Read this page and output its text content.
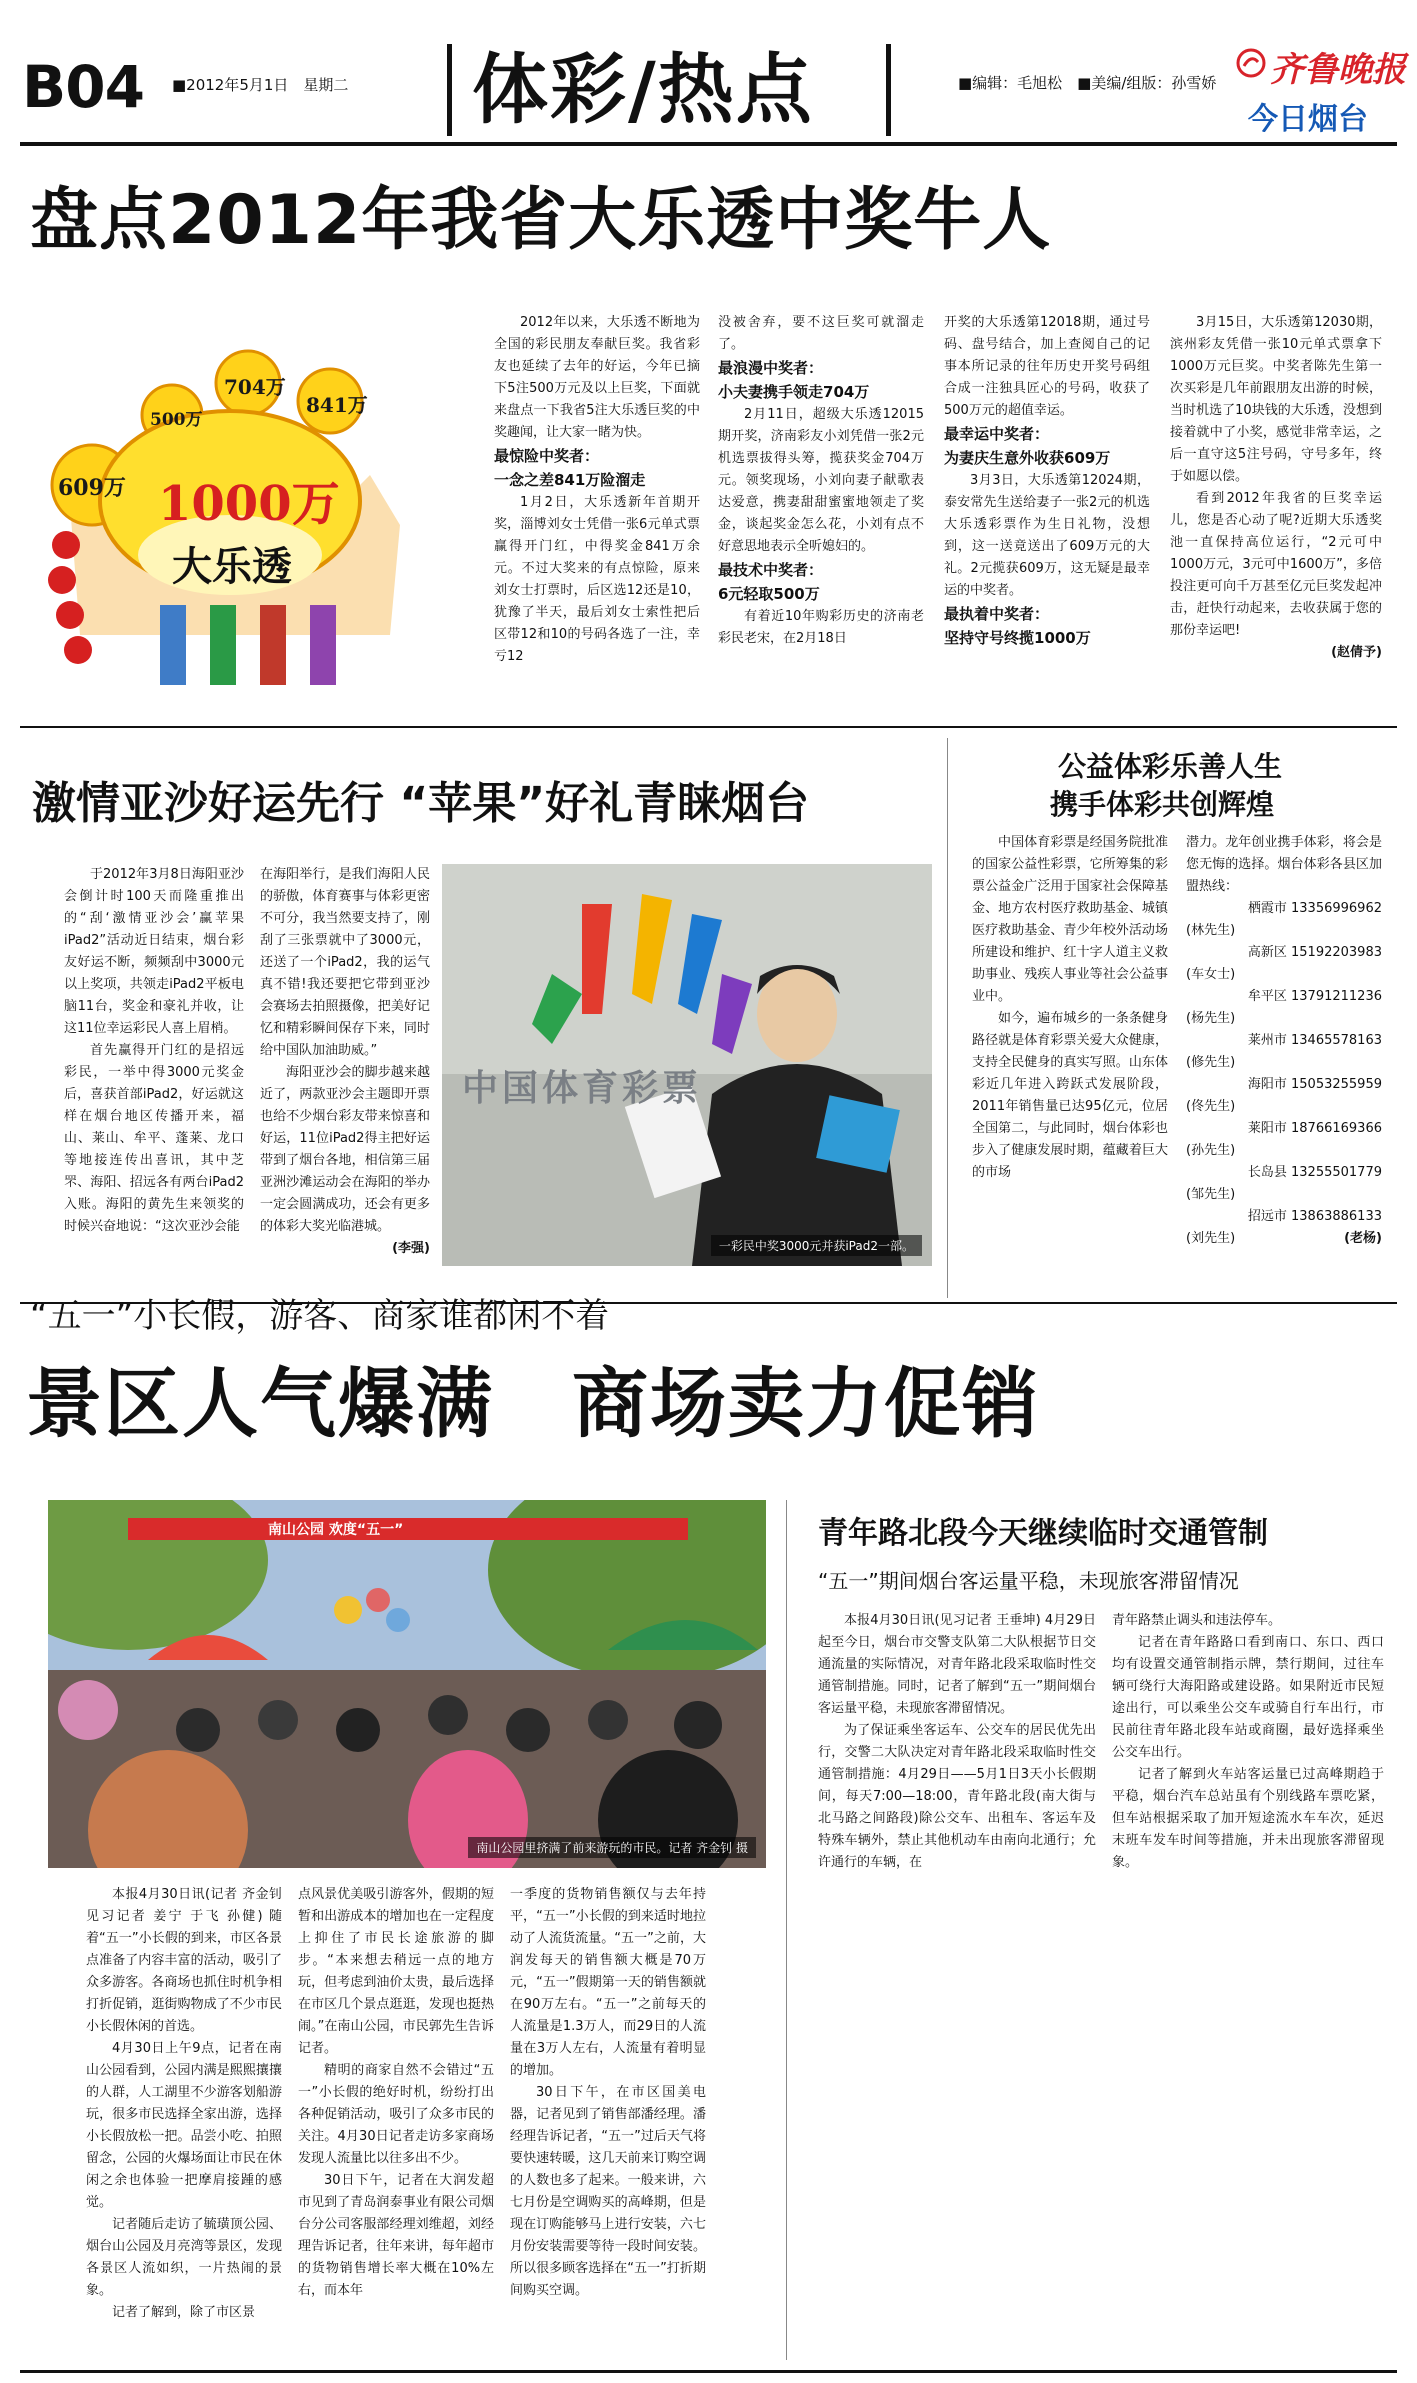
B04 ■2012年5月1日　星期二 体彩/热点	■编辑：毛旭松　■美编/组版：孙雪娇 齐鲁晚报
今日烟台
盘点2012年我省大乐透中奖牛人
609万
500万
704万
841万
1000万
大乐透

2012年以来，大乐透不断地为全国的彩民朋友奉献巨奖。我省彩友也延续了去年的好运，今年已摘下5注500万元及以上巨奖，下面就来盘点一下我省5注大乐透巨奖的中奖趣闻，让大家一睹为快。

最惊险中奖者：
一念之差841万险溜走

1月2日，大乐透新年首期开奖，淄博刘女士凭借一张6元单式票赢得开门红，中得奖金841万余元。不过大奖来的有点惊险，原来刘女士打票时，后区选12还是10，犹豫了半天，最后刘女士索性把后区带12和10的号码各选了一注，幸亏12

没被舍弃，要不这巨奖可就溜走了。

最浪漫中奖者：
小夫妻携手领走704万

2月11日，超级大乐透12015期开奖，济南彩友小刘凭借一张2元机选票拔得头筹，揽获奖金704万元。领奖现场，小刘向妻子献歌表达爱意，携妻甜甜蜜蜜地领走了奖金，谈起奖金怎么花，小刘有点不好意思地表示全听媳妇的。

最技术中奖者：
6元轻取500万

有着近10年购彩历史的济南老彩民老宋，在2月18日

开奖的大乐透第12018期，通过号码、盘号结合，加上查阅自己的记事本所记录的往年历史开奖号码组合成一注独具匠心的号码，收获了500万元的超值幸运。

最幸运中奖者：
为妻庆生意外收获609万

3月3日，大乐透第12024期，泰安常先生送给妻子一张2元的机选大乐透彩票作为生日礼物，没想到，这一送竟送出了609万元的大礼。2元揽获609万，这无疑是最幸运的中奖者。

最执着中奖者：
坚持守号终揽1000万

3月15日，大乐透第12030期，滨州彩友凭借一张10元单式票拿下1000万元巨奖。中奖者陈先生第一次买彩是几年前跟朋友出游的时候，当时机选了10块钱的大乐透，没想到接着就中了小奖，感觉非常幸运，之后一直守这5注号码，守号多年，终于如愿以偿。

看到2012年我省的巨奖幸运儿，您是否心动了呢?近期大乐透奖池一直保持高位运行，“2元可中1000万元，3元可中1600万”，多倍投注更可向千万甚至亿元巨奖发起冲击，赶快行动起来，去收获属于您的那份幸运吧!

(赵倩予)
激情亚沙好运先行 “苹果”好礼青睐烟台

于2012年3月8日海阳亚沙会倒计时100天而隆重推出的“刮‘激情亚沙会’赢苹果iPad2”活动近日结束，烟台彩友好运不断，频频刮中3000元以上奖项，共领走iPad2平板电脑11台，奖金和豪礼并收，让这11位幸运彩民人喜上眉梢。

首先赢得开门红的是招远彩民，一举中得3000元奖金后，喜获首部iPad2，好运就这样在烟台地区传播开来，福山、莱山、牟平、蓬莱、龙口等地接连传出喜讯，其中芝罘、海阳、招远各有两台iPad2入账。海阳的黄先生来领奖的时候兴奋地说：“这次亚沙会能

在海阳举行，是我们海阳人民的骄傲，体育赛事与体彩更密不可分，我当然要支持了，刚刮了三张票就中了3000元，还送了一个iPad2，我的运气真不错!我还要把它带到亚沙会赛场去拍照摄像，把美好记忆和精彩瞬间保存下来，同时给中国队加油助威。”

海阳亚沙会的脚步越来越近了，两款亚沙会主题即开票也给不少烟台彩友带来惊喜和好运，11位iPad2得主把好运带到了烟台各地，相信第三届亚洲沙滩运动会在海阳的举办一定会圆满成功，还会有更多的体彩大奖光临港城。

(李强)
中国体育彩票
一彩民中奖3000元并获iPad2一部。
公益体彩乐善人生
携手体彩共创辉煌

中国体育彩票是经国务院批准的国家公益性彩票，它所筹集的彩票公益金广泛用于国家社会保障基金、地方农村医疗救助基金、城镇医疗救助基金、青少年校外活动场所建设和维护、红十字人道主义救助事业、残疾人事业等社会公益事业中。

如今，遍布城乡的一条条健身路径就是体育彩票关爱大众健康，支持全民健身的真实写照。山东体彩近几年进入跨跃式发展阶段，2011年销售量已达95亿元，位居全国第二，与此同时，烟台体彩也步入了健康发展时期，蕴藏着巨大的市场

潜力。龙年创业携手体彩，将会是您无悔的选择。烟台体彩各县区加盟热线：

栖霞市 13356996962
(林先生)
高新区 15192203983
(车女士)
牟平区 13791211236
(杨先生)
莱州市 13465578163
(修先生)
海阳市 15053255959
(佟先生)
莱阳市 18766169366
(孙先生)
长岛县 13255501779
(邹先生)
招远市 13863886133
(刘先生)	(老杨)
“五一”小长假，游客、商家谁都闲不着
景区人气爆满　商场卖力促销
南山公园 欢度“五一”
南山公园里挤满了前来游玩的市民。记者 齐金钊 摄

本报4月30日讯(记者 齐金钊 见习记者 姜宁 于飞 孙健) 随着“五一”小长假的到来，市区各景点准备了内容丰富的活动，吸引了众多游客。各商场也抓住时机争相打折促销，逛街购物成了不少市民小长假休闲的首选。

4月30日上午9点，记者在南山公园看到，公园内满是熙熙攘攘的人群，人工湖里不少游客划船游玩，很多市民选择全家出游，选择小长假放松一把。品尝小吃、拍照留念，公园的火爆场面让市民在休闲之余也体验一把摩肩接踵的感觉。

记者随后走访了毓璜顶公园、烟台山公园及月亮湾等景区，发现各景区人流如织，一片热闹的景象。

记者了解到，除了市区景

点风景优美吸引游客外，假期的短暂和出游成本的增加也在一定程度上抑住了市民长途旅游的脚步。“本来想去稍远一点的地方玩，但考虑到油价太贵，最后选择在市区几个景点逛逛，发现也挺热闹。”在南山公园，市民郭先生告诉记者。

精明的商家自然不会错过“五一”小长假的绝好时机，纷纷打出各种促销活动，吸引了众多市民的关注。4月30日记者走访多家商场发现人流量比以往多出不少。

30日下午，记者在大润发超市见到了青岛润泰事业有限公司烟台分公司客服部经理刘维超，刘经理告诉记者，往年来讲，每年超市的货物销售增长率大概在10%左右，而本年

一季度的货物销售额仅与去年持平，“五一”小长假的到来适时地拉动了人流货流量。“五一”之前，大润发每天的销售额大概是70万元，“五一”假期第一天的销售额就在90万左右。“五一”之前每天的人流量是1.3万人，而29日的人流量在3万人左右，人流量有着明显的增加。

30日下午，在市区国美电器，记者见到了销售部潘经理。潘经理告诉记者，“五一”过后天气将要快速转暖，这几天前来订购空调的人数也多了起来。一般来讲，六七月份是空调购买的高峰期，但是现在订购能够马上进行安装，六七月份安装需要等待一段时间安装。所以很多顾客选择在“五一”打折期间购买空调。

青年路北段今天继续临时交通管制
“五一”期间烟台客运量平稳，未现旅客滞留情况

本报4月30日讯(见习记者 王垂坤) 4月29日起至今日，烟台市交警支队第二大队根据节日交通流量的实际情况，对青年路北段采取临时性交通管制措施。同时，记者了解到“五一”期间烟台客运量平稳，未现旅客滞留情况。

为了保证乘坐客运车、公交车的居民优先出行，交警二大队决定对青年路北段采取临时性交通管制措施：4月29日——5月1日3天小长假期间，每天7:00—18:00，青年路北段(南大街与北马路之间路段)除公交车、出租车、客运车及特殊车辆外，禁止其他机动车由南向北通行；允许通行的车辆，在

青年路禁止调头和违法停车。

记者在青年路路口看到南口、东口、西口均有设置交通管制指示牌，禁行期间，过往车辆可绕行大海阳路或建设路。如果附近市民短途出行，可以乘坐公交车或骑自行车出行，市民前往青年路北段车站或商圈，最好选择乘坐公交车出行。

记者了解到火车站客运量已过高峰期趋于平稳，烟台汽车总站虽有个别线路车票吃紧，但车站根据采取了加开短途流水车车次，延迟末班车发车时间等措施，并未出现旅客滞留现象。
